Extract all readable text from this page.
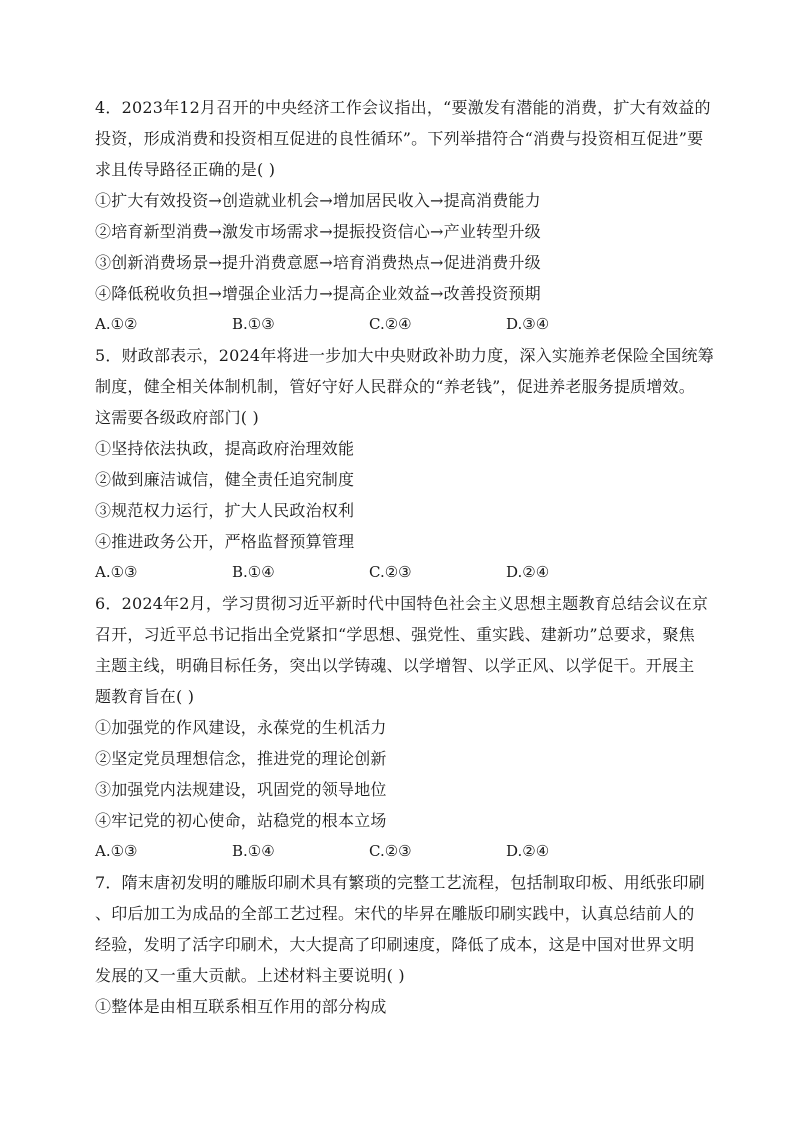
4．2023年12月召开的中央经济工作会议指出，“要激发有潜能的消费，扩大有效益的
投资，形成消费和投资相互促进的良性循环”。下列举措符合“消费与投资相互促进”要
求且传导路径正确的是( )
①扩大有效投资→创造就业机会→增加居民收入→提高消费能力
②培育新型消费→激发市场需求→提振投资信心→产业转型升级
③创新消费场景→提升消费意愿→培育消费热点→促进消费升级
④降低税收负担→增强企业活力→提高企业效益→改善投资预期
A.①②	B.①③	C.②④	D.③④
5．财政部表示，2024年将进一步加大中央财政补助力度，深入实施养老保险全国统筹
制度，健全相关体制机制，管好守好人民群众的“养老钱”，促进养老服务提质增效。
这需要各级政府部门( )
①坚持依法执政，提高政府治理效能
②做到廉洁诚信，健全责任追究制度
③规范权力运行，扩大人民政治权利
④推进政务公开，严格监督预算管理
A.①③	B.①④	C.②③	D.②④
6．2024年2月，学习贯彻习近平新时代中国特色社会主义思想主题教育总结会议在京
召开，习近平总书记指出全党紧扣“学思想、强党性、重实践、建新功”总要求，聚焦
主题主线，明确目标任务，突出以学铸魂、以学增智、以学正风、以学促干。开展主
题教育旨在( )
①加强党的作风建设，永葆党的生机活力
②坚定党员理想信念，推进党的理论创新
③加强党内法规建设，巩固党的领导地位
④牢记党的初心使命，站稳党的根本立场
A.①③	B.①④	C.②③	D.②④
7．隋末唐初发明的雕版印刷术具有繁琐的完整工艺流程，包括制取印板、用纸张印刷
、印后加工为成品的全部工艺过程。宋代的毕昇在雕版印刷实践中，认真总结前人的
经验，发明了活字印刷术，大大提高了印刷速度，降低了成本，这是中国对世界文明
发展的又一重大贡献。上述材料主要说明( )
①整体是由相互联系相互作用的部分构成
